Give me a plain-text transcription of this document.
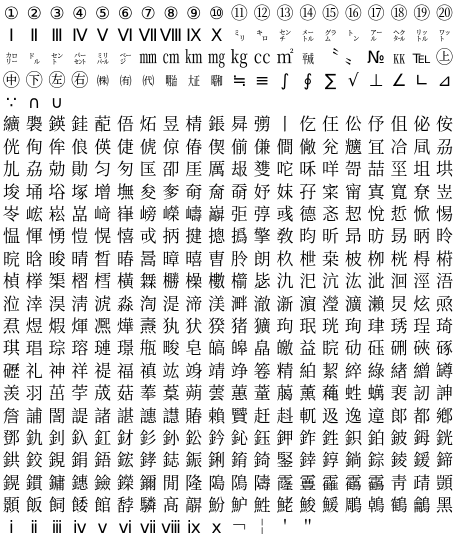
① ② ③ ④ ⑤ ⑥ ⑦ ⑧ ⑨ ⑩ ⑪ ⑫ ⑬ ⑭ ⑮ ⑯ ⑰ ⑱ ⑲ ⑳
Ⅰ Ⅱ Ⅲ Ⅳ Ⅴ Ⅵ Ⅶ Ⅷ Ⅸ Ⅹ ㍉ ㌔ ㌢ ㍍ ㌘ ㌧ ㌃ ㌶ ㍑ ㍗
㌍ ㌦ ㌣ ㌫ ㍊ ㌻ ㎜ ㎝ ㎞ ㎎ ㎏ ㏄ ㎡ ㍻ 〝 〟 № ㏍ ℡ ㊤
㊥ ㊦ ㊧ ㊨ ㈱ ㈲ ㈹ ㍾ ㍽ ㍼ ≒ ≡ ∫ ∮ ∑ √ ⊥ ∠ ∟ ⊿
∵ ∩ ∪
纊 褜 鍈 銈 蓜 俉 炻 昱 棈 鋹 曻 彅 丨 仡 仼 伀 伃 伹 佖 侒
侊 侚 侔 俍 偀 倢 俿 倞 偆 偰 偂 傔 僴 僘 兊 兤 冝 冾 凬 刕
劜 劦 勀 勛 匀 匇 匤 卲 厓 厲 叝 﨎 咜 咊 咩 哿 喆 坙 坥 垬
埈 埇 﨏 塚 增 墲 夋 奓 奛 奝 奣 妤 妺 孖 寀 甯 寘 寬 尞 岦
岺 峵 崧 嵓 﨑 嵂 嵭 嶸 嶹 巐 弡 弴 彧 德 忞 恝 悅 悊 惞 惕
愠 惲 愑 愷 愰 憘 戓 抦 揵 摠 撝 擎 敎 昀 昕 昻 昉 昮 昞 昤
晥 晗 晙 晴 晳 暙 暠 暲 暿 曺 朎 朗 杦 枻 桒 柀 栁 桄 棏 﨓
楨 﨔 榘 槢 樰 橫 橆 橳 橾 櫢 櫤 毖 氿 汜 沆 汯 泚 洄 涇 浯
涖 涬 淏 淸 淲 淼 渹 湜 渧 渼 溿 澈 澵 濵 瀅 瀇 瀨 炅 炫 焏
焄 煜 煆 煇 凞 燁 燾 犱 犾 猤 猪 獷 玽 珉 珖 珣 珒 琇 珵 琦
琪 琩 琮 瑢 璉 璟 甁 畯 皂 皜 皞 皛 皦 益 睆 劯 砡 硎 硤 硺
礰 礼 神 祥 禔 福 禛 竑 竧 靖 竫 箞 精 絈 絜 綷 綠 緖 繒 罇
羡 羽 茁 荢 荿 菇 菶 葈 蒴 蕓 蕙 蕫 﨟 薰 蘒 﨡 蠇 裵 訒 訷
詹 誧 誾 諟 諸 諶 譓 譿 賰 賴 贒 赶 﨣 軏 﨤 逸 遧 郞 都 鄕
鄧 釚 釗 釞 釭 釮 釤 釥 鈆 鈐 鈊 鈺 鉀 鈼 鉎 鉙 鉑 鈹 鉧 銧
鉷 鉸 鋧 鋗 鋙 鋐 﨧 鋕 鋠 鋓 錥 錡 鋻 﨨 錞 鋿 錝 錂 鍰 鍗
鎤 鏆 鏞 鏸 鐱 鑅 鑈 閒 隆 﨩 隝 隯 霳 霻 靃 靍 靏 靑 靕 顗
顥 飯 飼 餧 館 馞 驎 髙 髜 魵 魲 鮏 鮱 鮻 鰀 鵰 鵫 鶴 鸙 黑
ⅰ ⅱ ⅲ ⅳ ⅴ ⅵ ⅶ ⅷ ⅸ ⅹ ￢ ￤ ＇ ＂
